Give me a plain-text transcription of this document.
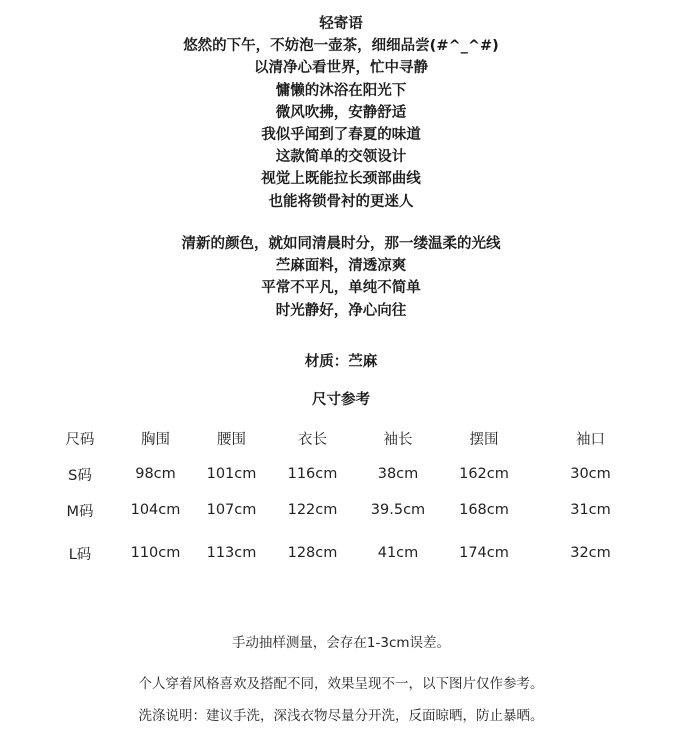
轻寄语
悠然的下午，不妨泡一壶茶，细细品尝(#^_^#)
以清净心看世界，忙中寻静
慵懒的沐浴在阳光下
微风吹拂，安静舒适
我似乎闻到了春夏的味道
这款简单的交领设计
视觉上既能拉长颈部曲线
也能将锁骨衬的更迷人
清新的颜色，就如同清晨时分，那一缕温柔的光线
苎麻面料，清透凉爽
平常不平凡，单纯不简单
时光静好，净心向往
材质：苎麻
尺寸参考
尺码	胸围	腰围	衣长	袖长	摆围	袖口
S码	98cm	101cm	116cm	38cm	162cm	30cm
M码	104cm	107cm	122cm	39.5cm	168cm	31cm
L码	110cm	113cm	128cm	41cm	174cm	32cm
手动抽样测量，会存在1-3cm误差。
个人穿着风格喜欢及搭配不同，效果呈现不一，以下图片仅作参考。
洗涤说明：建议手洗，深浅衣物尽量分开洗，反面晾晒，防止暴晒。
